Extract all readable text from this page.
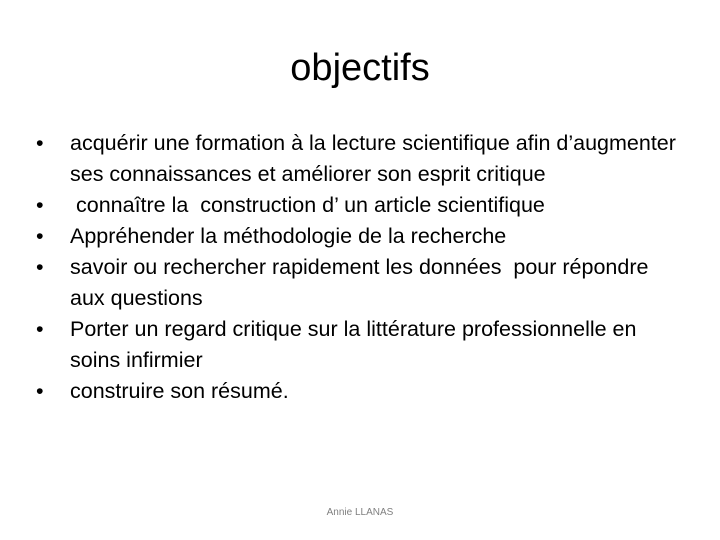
objectifs
•	acquérir une formation à la lecture scientifique afin d’augmenter ses connaissances et améliorer son esprit critique
•	connaître la  construction d’ un article scientifique
•	Appréhender la méthodologie de la recherche
•	savoir ou rechercher rapidement les données  pour répondre aux questions
•	Porter un regard critique sur la littérature professionnelle en soins infirmier
•	construire son résumé.
Annie LLANAS
